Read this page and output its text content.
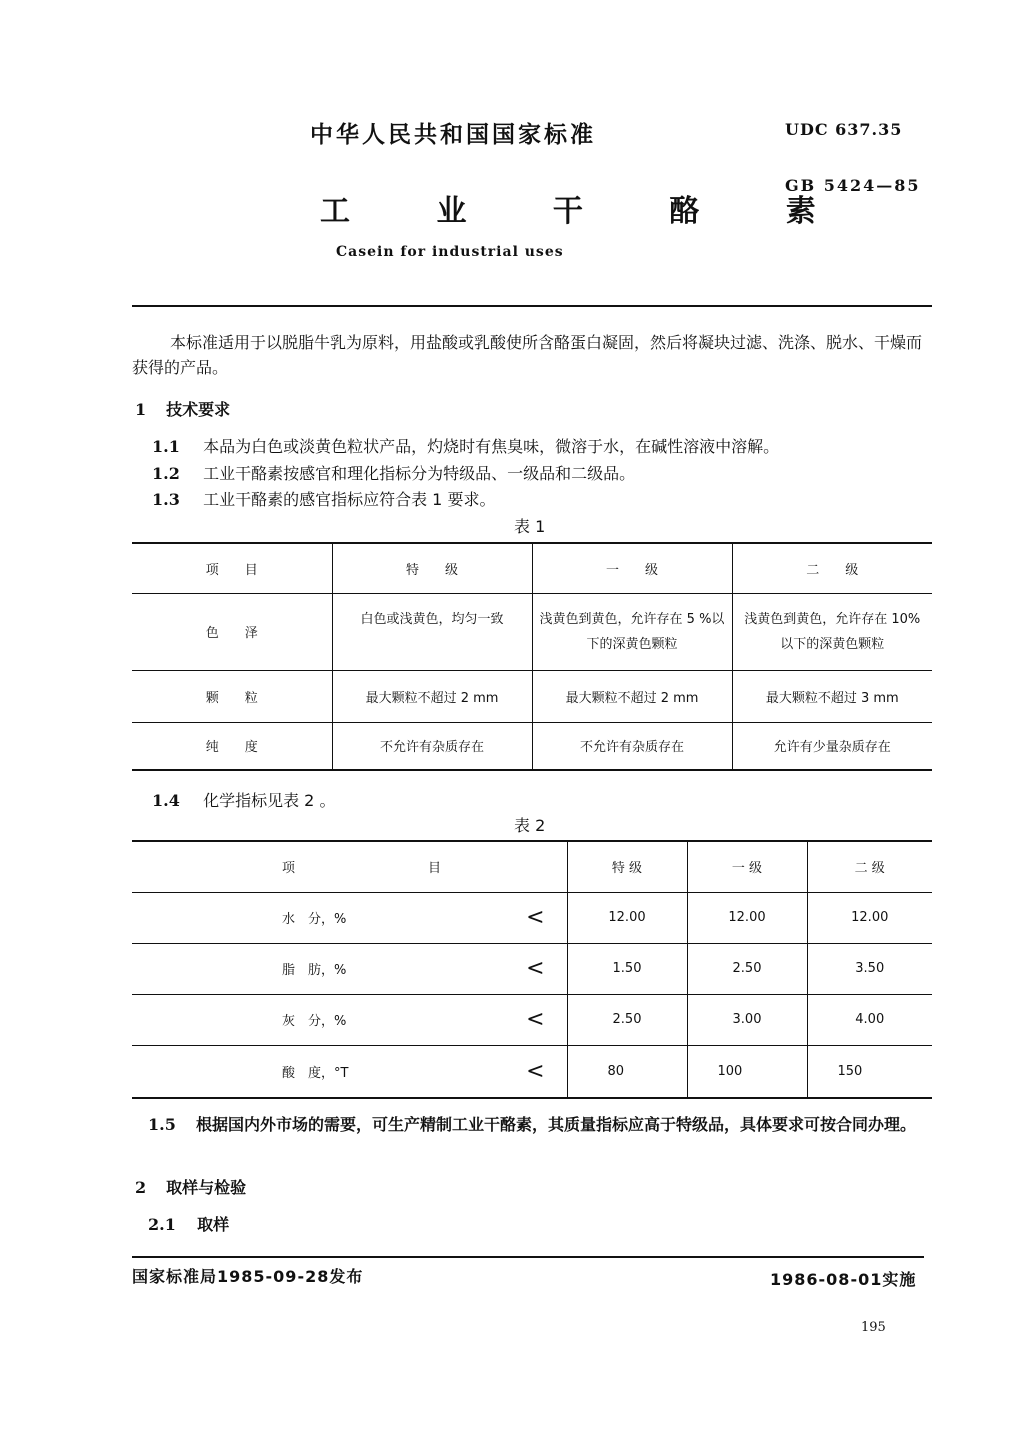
中华人民共和国国家标准	UDC 637.35
GB 5424—85
工 业 干 酪 素
Casein for industrial uses
本标准适用于以脱脂牛乳为原料，用盐酸或乳酸使所含酪蛋白凝固，然后将凝块过滤、洗涤、脱水、干燥而获得的产品。
1 技术要求
1.1 本品为白色或淡黄色粒状产品，灼烧时有焦臭味，微溶于水，在碱性溶液中溶解。
1.2 工业干酪素按感官和理化指标分为特级品、一级品和二级品。
1.3 工业干酪素的感官指标应符合表 1 要求。
表 1
项　　目	特　　级	一　　级	二　　级
色　　泽	白色或浅黄色，均匀一致	浅黄色到黄色，允许存在 5 %以下的深黄色颗粒	浅黄色到黄色，允许存在 10%以下的深黄色颗粒
颗　　粒	最大颗粒不超过 2 mm	最大颗粒不超过 2 mm	最大颗粒不超过 3 mm
纯　　度	不允许有杂质存在	不允许有杂质存在	允许有少量杂质存在
1.4 化学指标见表 2 。
表 2
项	目	特 级	一 级	二 级
水　分，%	<	12.00	12.00	12.00
脂　肪，%	<	1.50	2.50	3.50
灰　分，%	<	2.50	3.00	4.00
酸　度，°T	<	80	100	150
1.5 根据国内外市场的需要，可生产精制工业干酪素，其质量指标应高于特级品，具体要求可按合同办理。
2 取样与检验
2.1 取样
国家标准局1985-09-28发布	1986-08-01实施
195
